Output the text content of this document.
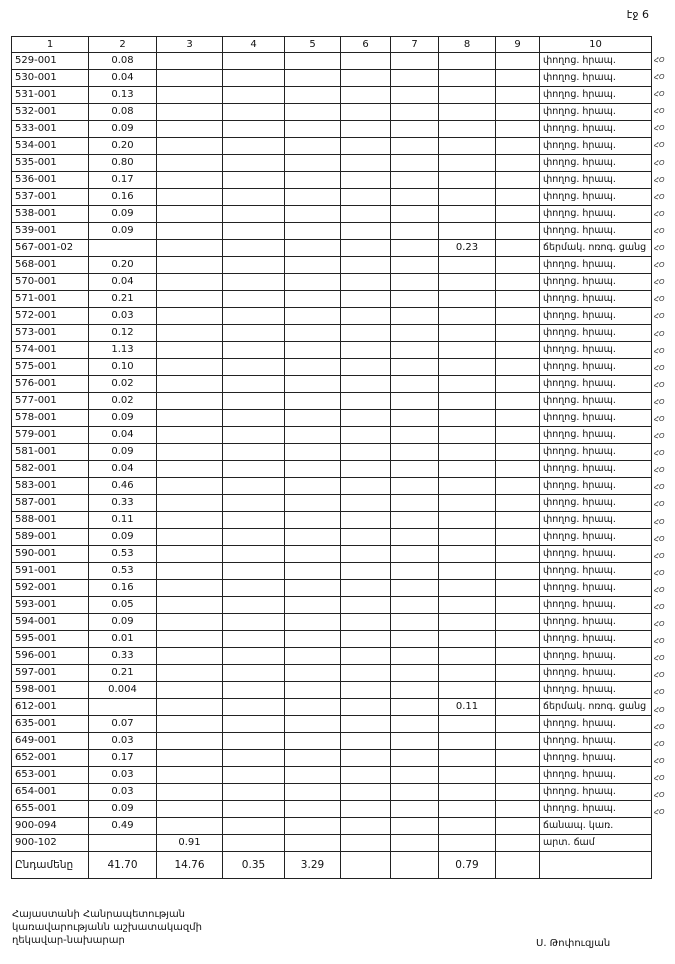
էջ 6
1	2	3	4	5	6	7	8	9	10
529-001	0.08								փողոց. հրապ.
530-001	0.04								փողոց. հրապ.
531-001	0.13								փողոց. հրապ.
532-001	0.08								փողոց. հրապ.
533-001	0.09								փողոց. հրապ.
534-001	0.20								փողոց. հրապ.
535-001	0.80								փողոց. հրապ.
536-001	0.17								փողոց. հրապ.
537-001	0.16								փողոց. հրապ.
538-001	0.09								փողոց. հրապ.
539-001	0.09								փողոց. հրապ.
567-001-02							0.23		ճերմակ. ոռոգ. ցանց
568-001	0.20								փողոց. հրապ.
570-001	0.04								փողոց. հրապ.
571-001	0.21								փողոց. հրապ.
572-001	0.03								փողոց. հրապ.
573-001	0.12								փողոց. հրապ.
574-001	1.13								փողոց. հրապ.
575-001	0.10								փողոց. հրապ.
576-001	0.02								փողոց. հրապ.
577-001	0.02								փողոց. հրապ.
578-001	0.09								փողոց. հրապ.
579-001	0.04								փողոց. հրապ.
581-001	0.09								փողոց. հրապ.
582-001	0.04								փողոց. հրապ.
583-001	0.46								փողոց. հրապ.
587-001	0.33								փողոց. հրապ.
588-001	0.11								փողոց. հրապ.
589-001	0.09								փողոց. հրապ.
590-001	0.53								փողոց. հրապ.
591-001	0.53								փողոց. հրապ.
592-001	0.16								փողոց. հրապ.
593-001	0.05								փողոց. հրապ.
594-001	0.09								փողոց. հրապ.
595-001	0.01								փողոց. հրապ.
596-001	0.33								փողոց. հրապ.
597-001	0.21								փողոց. հրապ.
598-001	0.004								փողոց. հրապ.
612-001							0.11		ճերմակ. ոռոգ. ցանց
635-001	0.07								փողոց. հրապ.
649-001	0.03								փողոց. հրապ.
652-001	0.17								փողոց. հրապ.
653-001	0.03								փողոց. հրապ.
654-001	0.03								փողոց. հրապ.
655-001	0.09								փողոց. հրապ.
900-094	0.49								ճանապ. կառ.
900-102		0.91							արտ. ճամ
Ընդամենը	41.70	14.76	0.35	3.29			0.79		
ՀՕ
ՀՕ
ՀՕ
ՀՕ
ՀՕ
ՀՕ
ՀՕ
ՀՕ
ՀՕ
ՀՕ
ՀՕ
ՀՕ
ՀՕ
ՀՕ
ՀՕ
ՀՕ
ՀՕ
ՀՕ
ՀՕ
ՀՕ
ՀՕ
ՀՕ
ՀՕ
ՀՕ
ՀՕ
ՀՕ
ՀՕ
ՀՕ
ՀՕ
ՀՕ
ՀՕ
ՀՕ
ՀՕ
ՀՕ
ՀՕ
ՀՕ
ՀՕ
ՀՕ
ՀՕ
ՀՕ
ՀՕ
ՀՕ
ՀՕ
ՀՕ
ՀՕ
Հայաստանի Հանրապետության
կառավարությանն աշխատակազմի
ղեկավար-նախարար	Ս. Թոփուզյան
